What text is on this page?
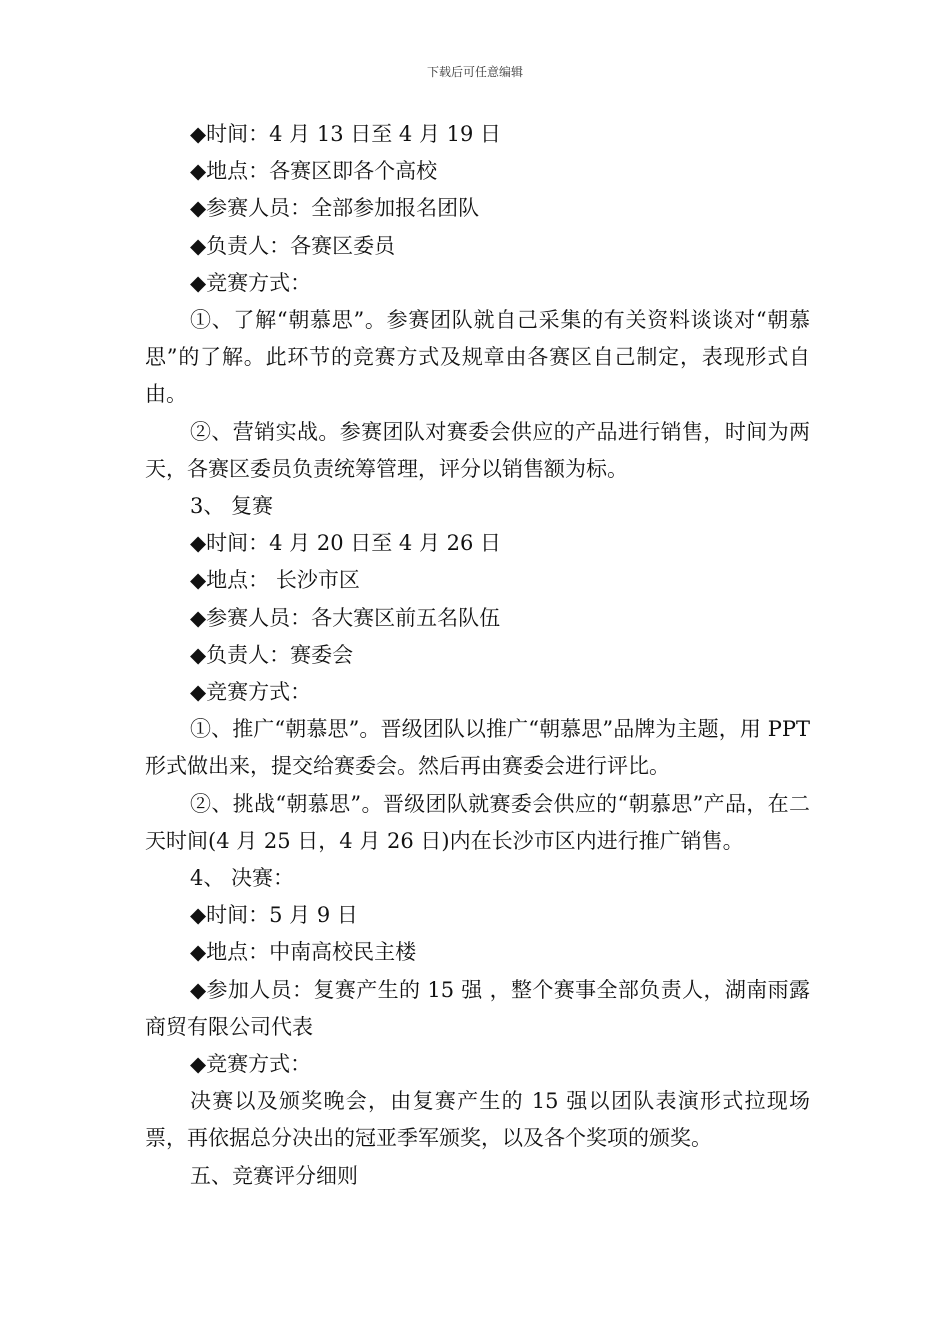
下载后可任意编辑

◆时间：4 月 13 日至 4 月 19 日

◆地点：各赛区即各个高校

◆参赛人员：全部参加报名团队

◆负责人：各赛区委员

◆竞赛方式：

①、了解“朝慕思”。参赛团队就自己采集的有关资料谈谈对“朝慕思”的了解。此环节的竞赛方式及规章由各赛区自己制定，表现形式自由。

②、营销实战。参赛团队对赛委会供应的产品进行销售，时间为两天，各赛区委员负责统筹管理，评分以销售额为标。

3、 复赛

◆时间：4 月 20 日至 4 月 26 日

◆地点： 长沙市区

◆参赛人员：各大赛区前五名队伍

◆负责人：赛委会

◆竞赛方式：

①、推广“朝慕思”。晋级团队以推广“朝慕思”品牌为主题，用 PPT 形式做出来，提交给赛委会。然后再由赛委会进行评比。

②、挑战“朝慕思”。晋级团队就赛委会供应的“朝慕思”产品，在二天时间(4 月 25 日，4 月 26 日)内在长沙市区内进行推广销售。

4、 决赛：

◆时间：5 月 9 日

◆地点：中南高校民主楼

◆参加人员：复赛产生的 15 强 ，整个赛事全部负责人，湖南雨露商贸有限公司代表

◆竞赛方式：

决赛以及颁奖晚会，由复赛产生的 15 强以团队表演形式拉现场票，再依据总分决出的冠亚季军颁奖，以及各个奖项的颁奖。

五、竞赛评分细则
